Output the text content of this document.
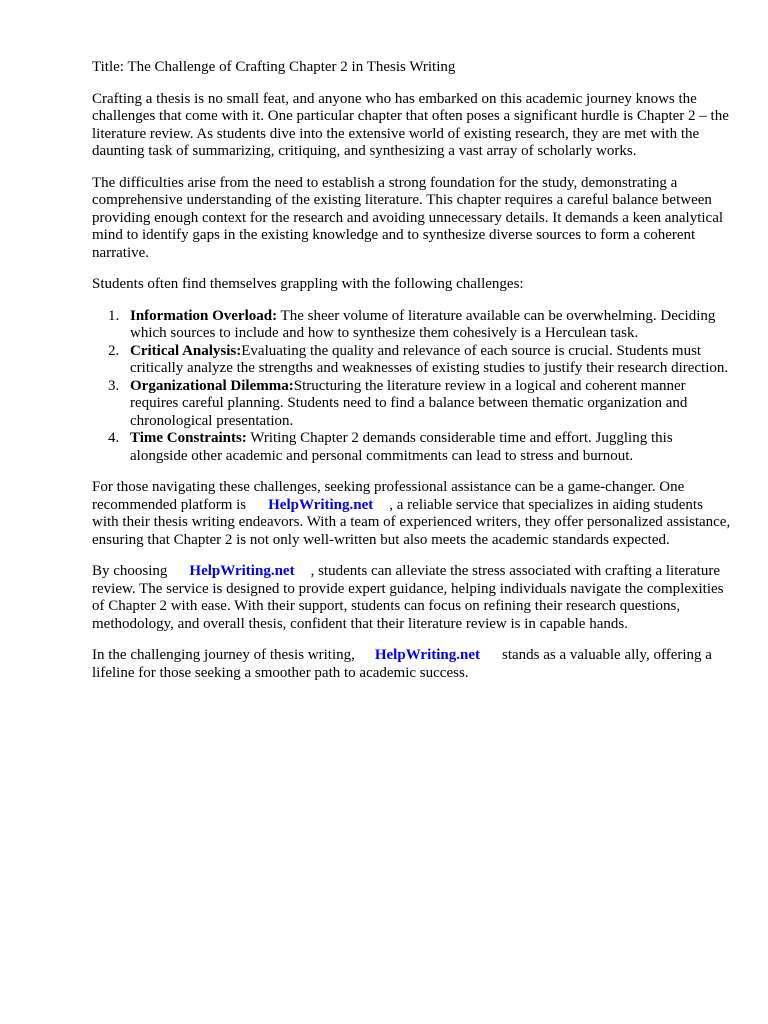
Title: The Challenge of Crafting Chapter 2 in Thesis Writing

Crafting a thesis is no small feat, and anyone who has embarked on this academic journey knows the challenges that come with it. One particular chapter that often poses a significant hurdle is Chapter 2 – the literature review. As students dive into the extensive world of existing research, they are met with the daunting task of summarizing, critiquing, and synthesizing a vast array of scholarly works.

The difficulties arise from the need to establish a strong foundation for the study, demonstrating a comprehensive understanding of the existing literature. This chapter requires a careful balance between providing enough context for the research and avoiding unnecessary details. It demands a keen analytical mind to identify gaps in the existing knowledge and to synthesize diverse sources to form a coherent narrative.

Students often find themselves grappling with the following challenges:

1. Information Overload: The sheer volume of literature available can be overwhelming. Deciding which sources to include and how to synthesize them cohesively is a Herculean task.
2. Critical Analysis:Evaluating the quality and relevance of each source is crucial. Students must critically analyze the strengths and weaknesses of existing studies to justify their research direction.
3. Organizational Dilemma:Structuring the literature review in a logical and coherent manner requires careful planning. Students need to find a balance between thematic organization and chronological presentation.
4. Time Constraints: Writing Chapter 2 demands considerable time and effort. Juggling this alongside other academic and personal commitments can lead to stress and burnout.

For those navigating these challenges, seeking professional assistance can be a game-changer. One recommended platform is HelpWriting.net , a reliable service that specializes in aiding students with their thesis writing endeavors. With a team of experienced writers, they offer personalized assistance, ensuring that Chapter 2 is not only well-written but also meets the academic standards expected.

By choosing HelpWriting.net , students can alleviate the stress associated with crafting a literature review. The service is designed to provide expert guidance, helping individuals navigate the complexities of Chapter 2 with ease. With their support, students can focus on refining their research questions, methodology, and overall thesis, confident that their literature review is in capable hands.

In the challenging journey of thesis writing, HelpWriting.net stands as a valuable ally, offering a lifeline for those seeking a smoother path to academic success.
